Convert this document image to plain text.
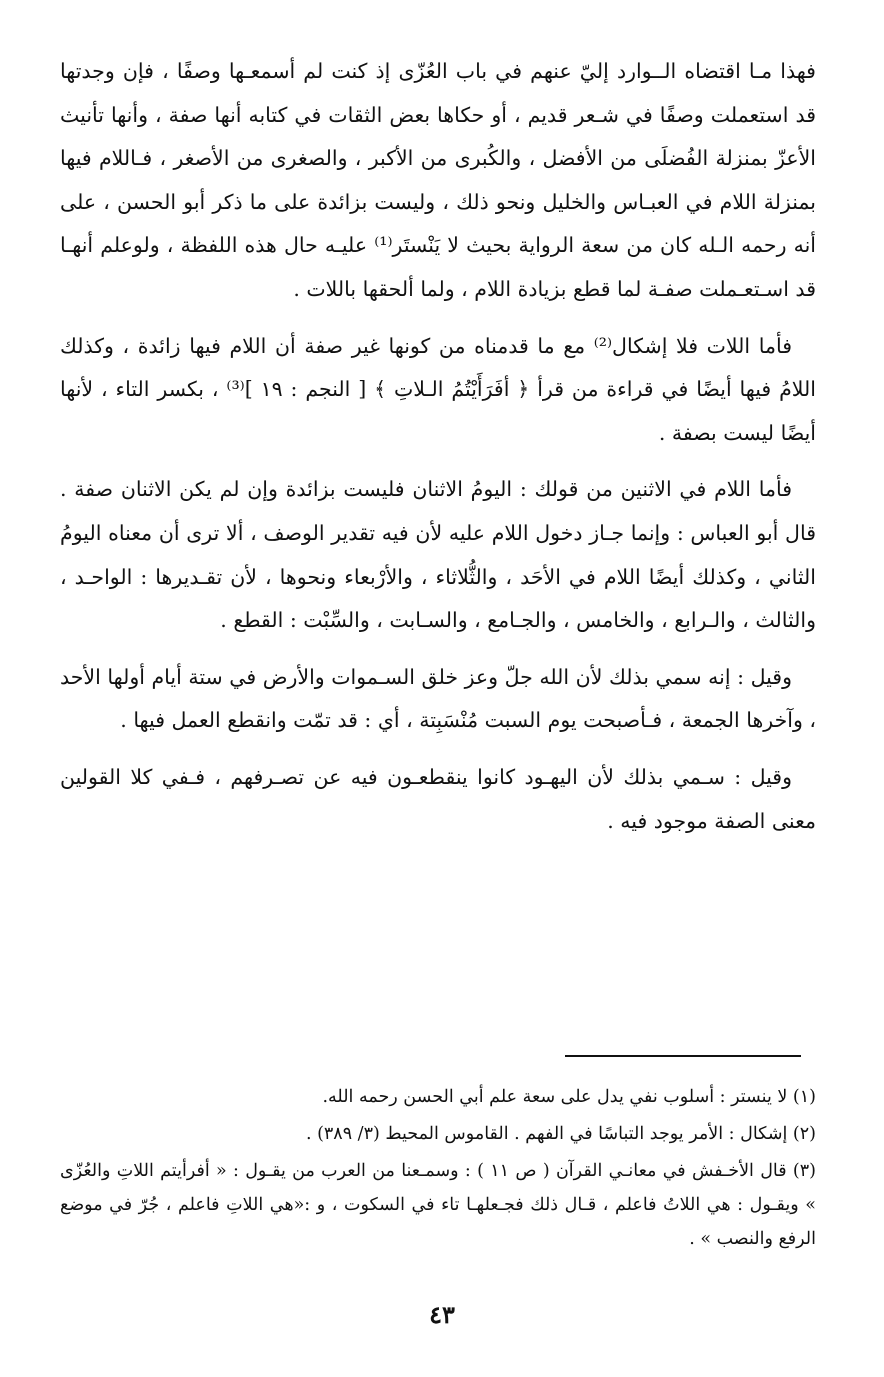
فهذا مـا اقتضاه الــوارد إليّ عنهم في باب العُزّى إذ كنت لم أسمعـها وصفًا ، فإن وجدتها قد استعملت وصفًا في شـعر قديم ، أو حكاها بعض الثقات في كتابه أنها صفة ، وأنها تأنيث الأعزّ بمنزلة الفُضلَى من الأفضل ، والكُبرى من الأكبر ، والصغرى من الأصغر ، فـاللام فيها بمنزلة اللام في العبـاس والخليل ونحو ذلك ، وليست بزائدة على ما ذكر أبو الحسن ، على أنه رحمه الـله كان من سعة الرواية بحيث لا يَنْستَر⁽¹⁾ عليـه حال هذه اللفظة ، ولوعلم أنهـا قد اسـتعـملت صفـة لما قطع بزيادة اللام ، ولما ألحقها باللات .

فأما اللات فلا إشكال⁽²⁾ مع ما قدمناه من كونها غير صفة أن اللام فيها زائدة ، وكذلك اللامُ فيها أيضًا في قراءة من قرأ ﴿ أفَرَأَيْتُمُ الـلاتِ ﴾ [ النجم : ١٩ ]⁽³⁾ ، بكسر التاء ، لأنها أيضًا ليست بصفة .

فأما اللام في الاثنين من قولك : اليومُ الاثنان فليست بزائدة وإن لم يكن الاثنان صفة . قال أبو العباس : وإنما جـاز دخول اللام عليه لأن فيه تقدير الوصف ، ألا ترى أن معناه اليومُ الثاني ، وكذلك أيضًا اللام في الأحَد ، والثُّلاثاء ، والأرْبعاء ونحوها ، لأن تقـديرها : الواحـد ، والثالث ، والـرابع ، والخامس ، والجـامع ، والسـابت ، والسِّبْت : القطع .

وقيل : إنه سمي بذلك لأن الله جلّ وعز خلق السـموات والأرض في ستة أيام أولها الأحد ، وآخرها الجمعة ، فـأصبحت يوم السبت مُنْسَبِتة ، أي : قد تمّت وانقطع العمل فيها .

وقيل : سـمي بذلك لأن اليهـود كانوا ينقطعـون فيه عن تصـرفهم ، فـفي كلا القولين معنى الصفة موجود فيه .

(١) لا ينستر : أسلوب نفي يدل على سعة علم أبي الحسن رحمه الله.

(٢) إشكال : الأمر يوجد التباسًا في الفهم . القاموس المحيط (٣/ ٣٨٩) .

(٣) قال الأخـفش في معانـي القرآن ( ص ١١ ) : وسمـعنا من العرب من يقـول : « أفرأيتم اللاتِ والعُزّى » ويقـول : هي اللاتُ فاعلم ، قـال ذلك فجـعلهـا تاء في السكوت ، و :«هي اللاتِ فاعلم ، جُرّ في موضع الرفع والنصب » .

٤٣
